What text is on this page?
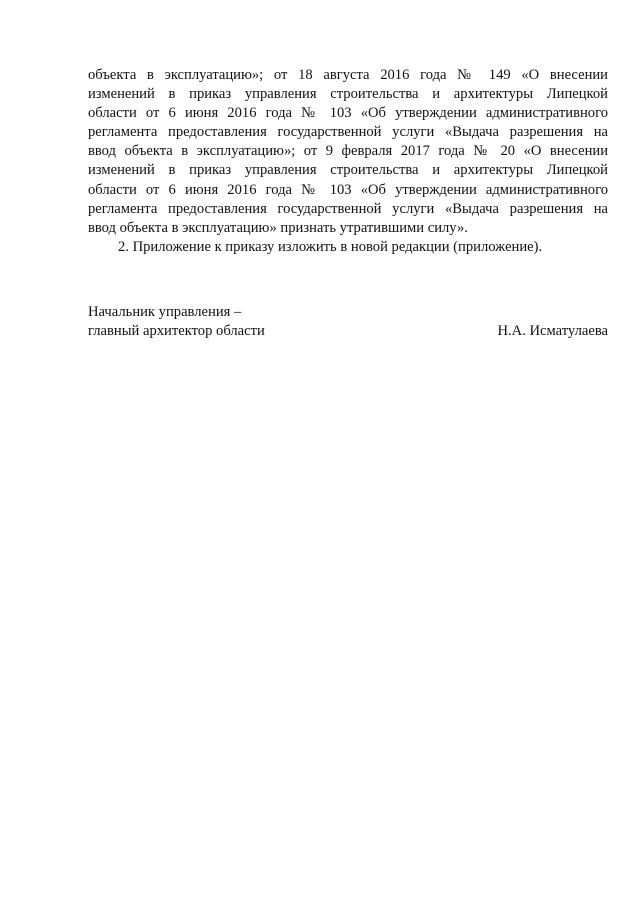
объекта в эксплуатацию»; от 18 августа 2016 года № 149 «О внесении
изменений в приказ управления строительства и архитектуры Липецкой
области от 6 июня 2016 года № 103 «Об утверждении административного
регламента предоставления государственной услуги «Выдача разрешения на
ввод объекта в эксплуатацию»; от 9 февраля 2017 года № 20 «О внесении
изменений в приказ управления строительства и архитектуры Липецкой
области от 6 июня 2016 года № 103 «Об утверждении административного
регламента предоставления государственной услуги «Выдача разрешения на
ввод объекта в эксплуатацию» признать утратившими силу».
2. Приложение к приказу изложить в новой редакции (приложение).
Начальник управления –
главный архитектор области	Н.А. Исматулаева
